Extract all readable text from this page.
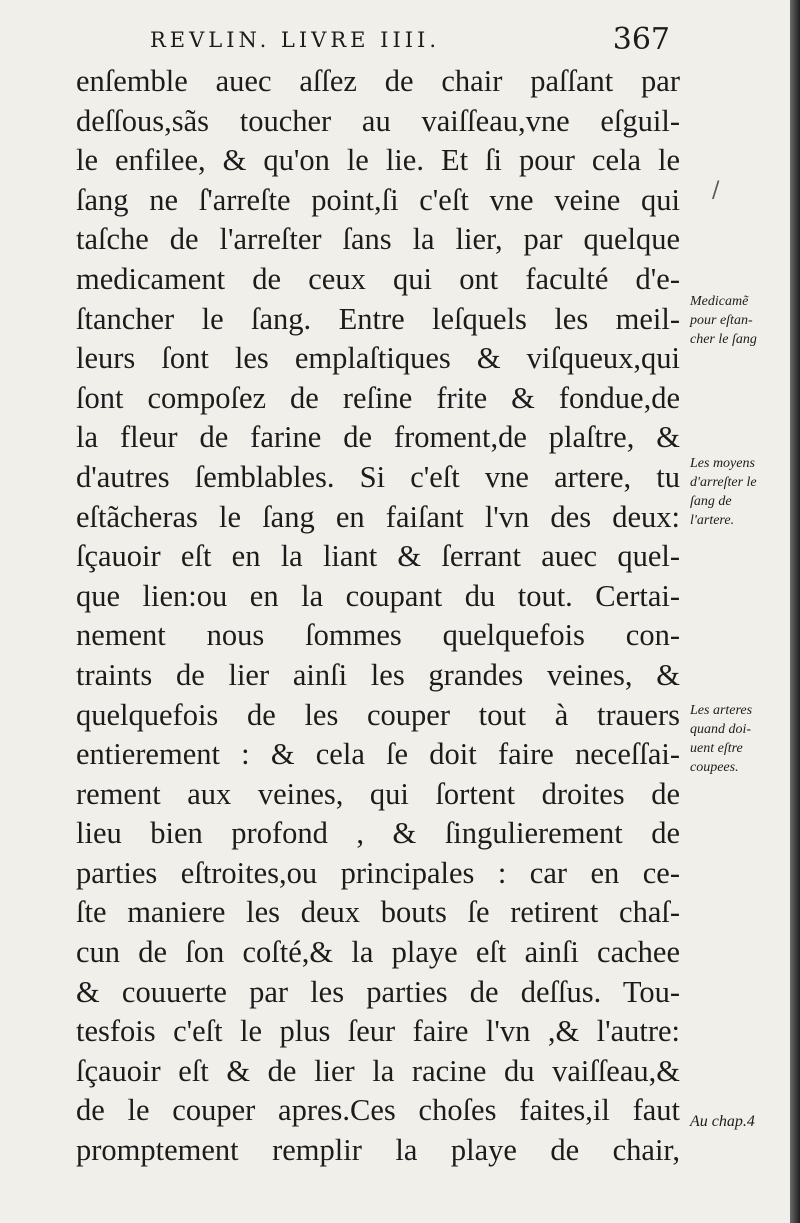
REVLIN. LIVRE IIII.	367
enſemble auec aſſez de chair paſſant par
deſſous,sãs toucher au vaiſſeau,vne eſguil-
le enfilee, & qu'on le lie. Et ſi pour cela le
ſang ne ſ'arreſte point,ſi c'eſt vne veine qui
taſche de l'arreſter ſans la lier, par quelque
medicament de ceux qui ont faculté d'e-
ſtancher le ſang. Entre leſquels les meil-
leurs ſont les emplaſtiques & viſqueux,qui
ſont compoſez de reſine frite & fondue,de
la fleur de farine de froment,de plaſtre, &
d'autres ſemblables. Si c'eſt vne artere, tu
eſtãcheras le ſang en faiſant l'vn des deux:
ſçauoir eſt en la liant & ſerrant auec quel-
que lien:ou en la coupant du tout. Certai-
nement nous ſommes quelquefois con-
traints de lier ainſi les grandes veines, &
quelquefois de les couper tout à trauers
entierement : & cela ſe doit faire neceſſai-
rement aux veines, qui ſortent droites de
lieu bien profond , & ſingulierement de
parties eſtroites,ou principales : car en ce-
ſte maniere les deux bouts ſe retirent chaſ-
cun de ſon coſté,& la playe eſt ainſi cachee
& couuerte par les parties de deſſus. Tou-
tesfois c'eſt le plus ſeur faire l'vn ,& l'autre:
ſçauoir eſt & de lier la racine du vaiſſeau,&
de le couper apres.Ces choſes faites,il faut
promptement remplir la playe de chair,
/
Medicamẽ
pour eſtan-
cher le ſang
Les moyens
d'arreſter le
ſang de
l'artere.
Les arteres
quand doi-
uent eſtre
coupees.
Au chap.4
